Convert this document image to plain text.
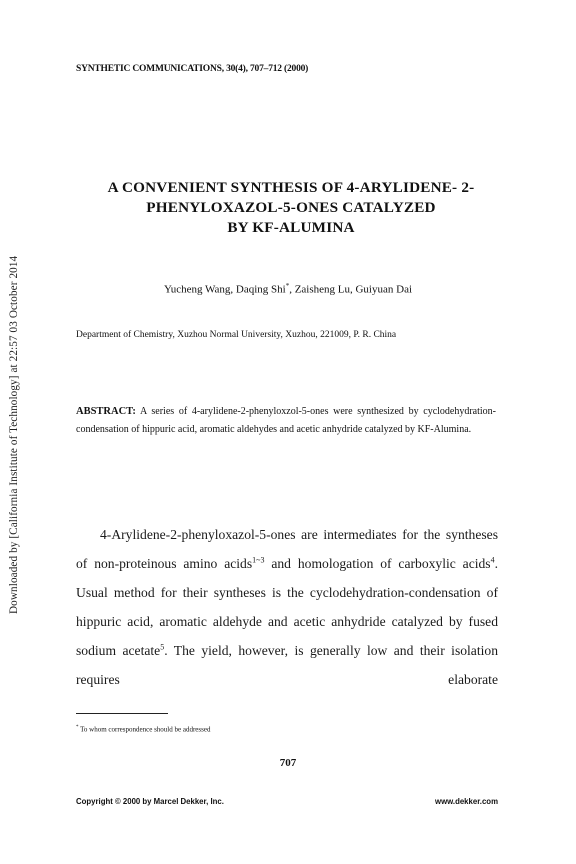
Downloaded by [California Institute of Technology] at 22:57 03 October 2014
SYNTHETIC COMMUNICATIONS, 30(4), 707–712 (2000)
A CONVENIENT SYNTHESIS OF 4-ARYLIDENE- 2-
PHENYLOXAZOL-5-ONES CATALYZED
BY KF-ALUMINA
Yucheng Wang, Daqing Shi*, Zaisheng Lu, Guiyuan Dai
Department of Chemistry, Xuzhou Normal University, Xuzhou, 221009, P. R. China
ABSTRACT: A series of 4-arylidene-2-phenyloxzol-5-ones were synthesized by cyclodehydration-condensation of hippuric acid, aromatic aldehydes and acetic anhydride catalyzed by KF-Alumina.
4-Arylidene-2-phenyloxazol-5-ones are intermediates for the syntheses of non-proteinous amino acids$^{1\sim 3}$ and homologation of carboxylic acids$^4$. Usual method for their syntheses is the cyclodehydration-condensation of hippuric acid, aromatic aldehyde and acetic anhydride catalyzed by fused sodium acetate$^5$. The yield, however, is generally low and their isolation requires elaborate
* To whom correspondence should be addressed
707
Copyright © 2000 by Marcel Dekker, Inc.	www.dekker.com
